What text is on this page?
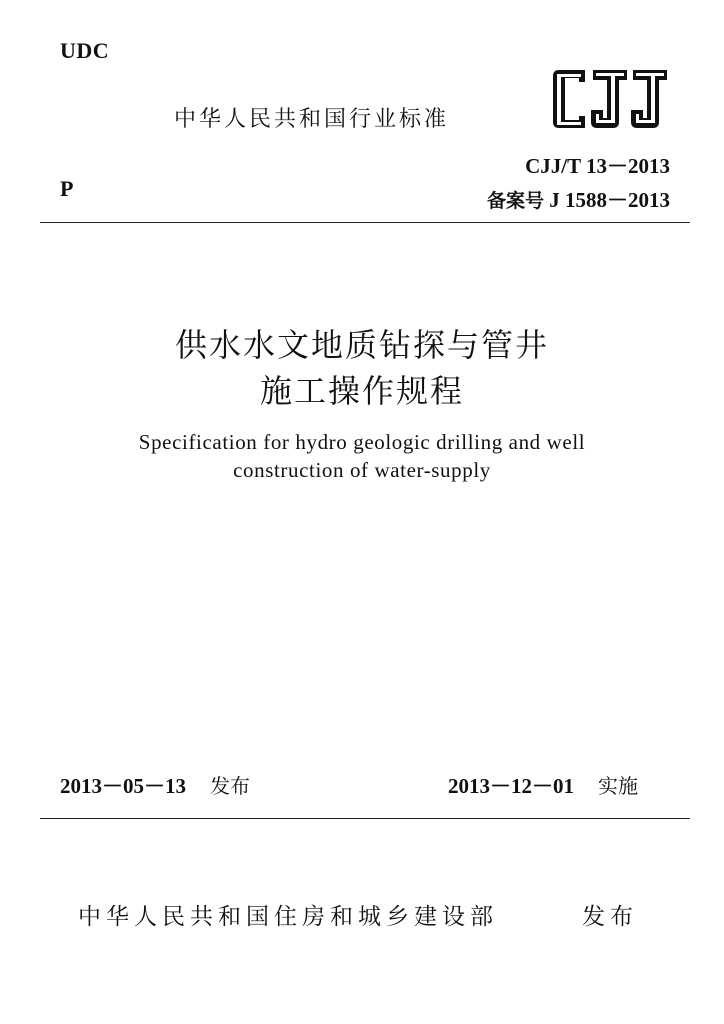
UDC
中华人民共和国行业标准
CJJ/T 13－2013
P	备案号 J 1588－2013
供水水文地质钻探与管井
施工操作规程
Specification for hydro geologic drilling and well
construction of water-supply
2013－05－13 发布	2013－12－01 实施
中华人民共和国住房和城乡建设部	发布
